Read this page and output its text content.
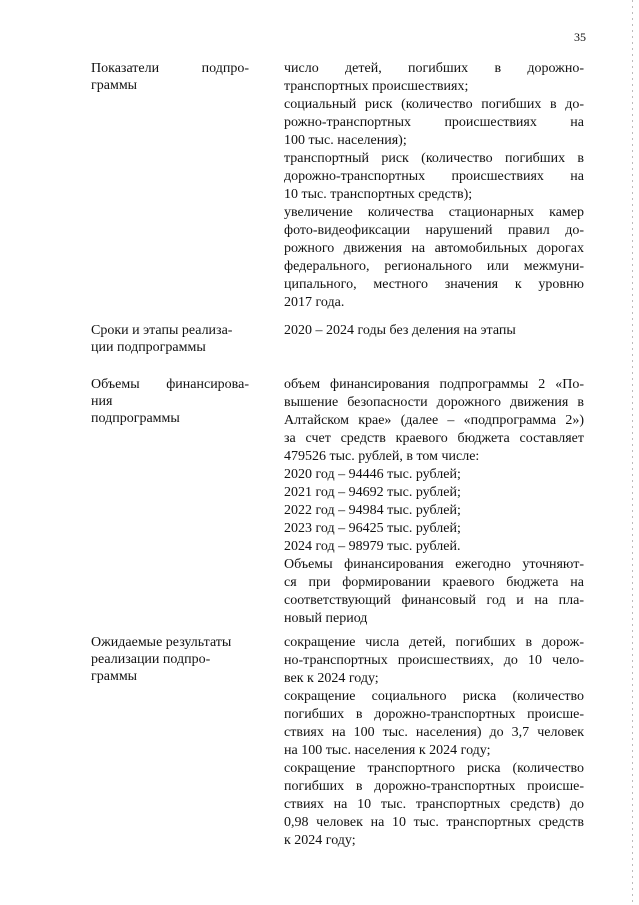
35
Показатели	подпро-
граммы
число детей, погибших в дорожно-
транспортных происшествиях;
социальный риск (количество погибших в до-
рожно-транспортных происшествиях на
100 тыс. населения);
транспортный риск (количество погибших в
дорожно-транспортных происшествиях на
10 тыс. транспортных средств);
увеличение количества стационарных камер
фото-видеофиксации нарушений правил до-
рожного движения на автомобильных дорогах
федерального, регионального или межмуни-
ципального, местного значения к уровню
2017 года.
Сроки и этапы реализа-
ции подпрограммы
2020 – 2024 годы без деления на этапы
Объемы финансирова-
ния
подпрограммы
объем финансирования подпрограммы 2 «По-
вышение безопасности дорожного движения в
Алтайском крае» (далее – «подпрограмма 2»)
за счет средств краевого бюджета составляет
479526 тыс. рублей, в том числе:
2020 год – 94446 тыс. рублей;
2021 год – 94692 тыс. рублей;
2022 год – 94984 тыс. рублей;
2023 год – 96425 тыс. рублей;
2024 год – 98979 тыс. рублей.
Объемы финансирования ежегодно уточняют-
ся при формировании краевого бюджета на
соответствующий финансовый год и на пла-
новый период
Ожидаемые результаты
реализации подпро-
граммы
сокращение числа детей, погибших в дорож-
но-транспортных происшествиях, до 10 чело-
век к 2024 году;
сокращение социального риска (количество
погибших в дорожно-транспортных происше-
ствиях на 100 тыс. населения) до 3,7 человек
на 100 тыс. населения к 2024 году;
сокращение транспортного риска (количество
погибших в дорожно-транспортных происше-
ствиях на 10 тыс. транспортных средств) до
0,98 человек на 10 тыс. транспортных средств
к 2024 году;
